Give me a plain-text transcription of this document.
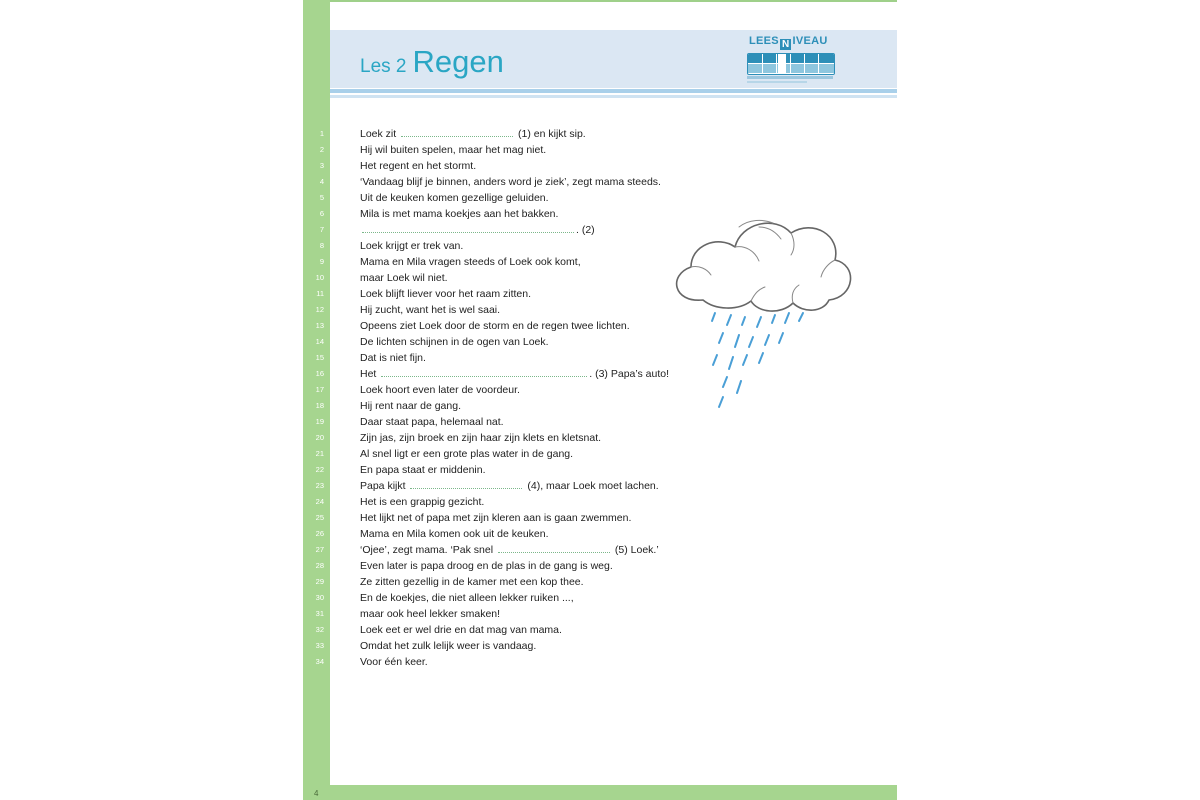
4
Les 2 Regen
LEES N IVEAU
1	Loek zit	(1) en kijkt sip.
2	Hij wil buiten spelen, maar het mag niet.
3	Het regent en het stormt.
4	‘Vandaag blijf je binnen, anders word je ziek’, zegt mama steeds.
5	Uit de keuken komen gezellige geluiden.
6	Mila is met mama koekjes aan het bakken.
7	. (2)
8	Loek krijgt er trek van.
9	Mama en Mila vragen steeds of Loek ook komt,
10	maar Loek wil niet.
11	Loek blijft liever voor het raam zitten.
12	Hij zucht, want het is wel saai.
13	Opeens ziet Loek door de storm en de regen twee lichten.
14	De lichten schijnen in de ogen van Loek.
15	Dat is niet fijn.
16	Het	. (3) Papa’s auto!
17	Loek hoort even later de voordeur.
18	Hij rent naar de gang.
19	Daar staat papa, helemaal nat.
20	Zijn jas, zijn broek en zijn haar zijn klets en kletsnat.
21	Al snel ligt er een grote plas water in de gang.
22	En papa staat er middenin.
23	Papa kijkt	(4), maar Loek moet lachen.
24	Het is een grappig gezicht.
25	Het lijkt net of papa met zijn kleren aan is gaan zwemmen.
26	Mama en Mila komen ook uit de keuken.
27	‘Ojee’, zegt mama. ‘Pak snel	(5) Loek.’
28	Even later is papa droog en de plas in de gang is weg.
29	Ze zitten gezellig in de kamer met een kop thee.
30	En de koekjes, die niet alleen lekker ruiken ...,
31	maar ook heel lekker smaken!
32	Loek eet er wel drie en dat mag van mama.
33	Omdat het zulk lelijk weer is vandaag.
34	Voor één keer.
